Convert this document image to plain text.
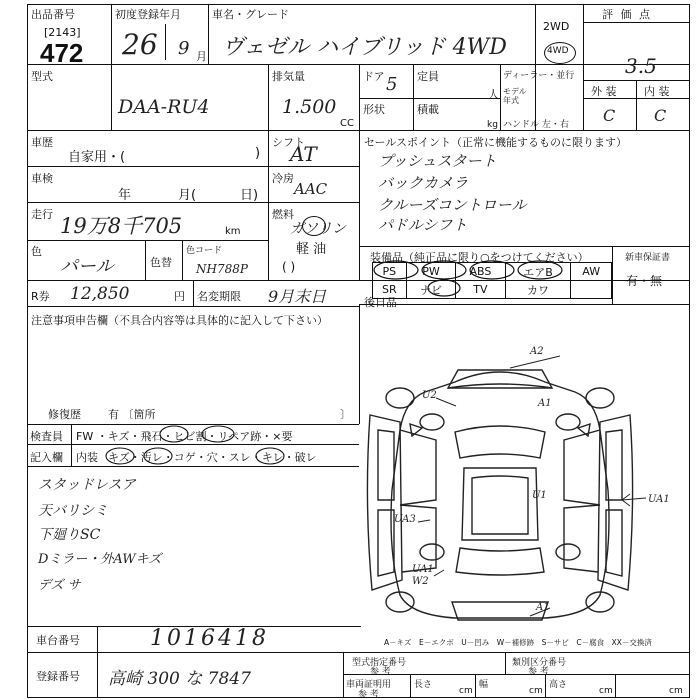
出品番号
[2143]
472
初度登録年月
26 9 月
車名・グレード
ヴェゼル ハイブリッド 4WD
2WD
4WD
評 価 点
3.5
型式
DAA-RU4
排気量
1.500
CC
ドア 5 定員
人
形状	積載
kg
ディーラー・並行
モデル 年式
ハンドル 左・右
外 装	内 装
C C
車歴
自家用・(	)
シフト
AT
車検
年	月(	日)
冷房
AAC
走行 19万8千705	km
燃料
ガソリン
軽 油
( )
色
パール	色替
色コード
NH788P
セールスポイント（正常に機能するものに限ります）
プッシュスタート
バックカメラ
クルーズコントロール
パドルシフト
装備品（純正品に限り○をつけてください）	新車保証書
有・無
PS	PW	ABS	エアB	AW
SR	ナビ	TV	カワ	
後日品
R券 12,850	円 名変期限 9月末日
注意事項申告欄（不具合内容等は具体的に記入して下さい）
修復歴 有 〔箇所	〕
検査員 FW ・キズ・飛石・ヒビ割・リペア跡・×要
記入欄 内装 キズ・汚レ・コゲ・穴・スレ・キレ・破レ
スタッドレスア
天バリシミ
下廻りSC
Dミラー・外AWキズ
デズ サ
A2
A1
U2
U1	UA1
UA3
UA1
W2
A1
A－キズ　E－エクボ　U－凹み　W－補修跡　S－サビ　C－腐食　XX－交換済
車台番号	1016418
登録番号 高崎 300 な 7847
型式指定番号
参 考
類別区分番号
参 考
車両証明用
参 考
長さ
cm
幅
cm
高さ
cm	cm
